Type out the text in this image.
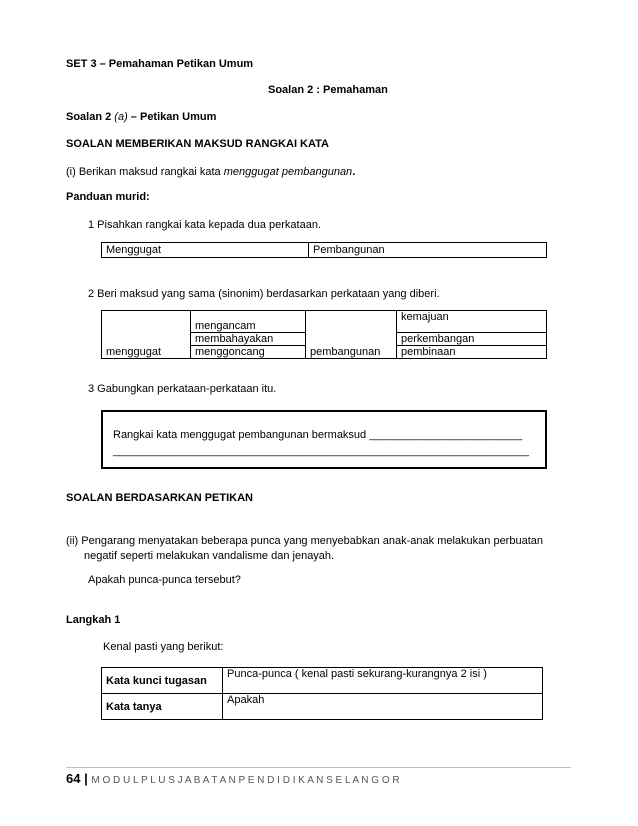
SET 3 – Pemahaman Petikan Umum
Soalan 2 : Pemahaman
Soalan 2 (a) – Petikan Umum
SOALAN MEMBERIKAN MAKSUD RANGKAI KATA
(i) Berikan maksud rangkai kata menggugat pembangunan.
Panduan murid:
1 Pisahkan rangkai kata kepada dua perkataan.
Menggugat	Pembangunan
2 Beri maksud yang sama (sinonim) berdasarkan perkataan yang diberi.
menggugat	mengancam	pembangunan	kemajuan
	membahayakan		perkembangan
	menggoncang		pembinaan
3 Gabungkan perkataan-perkataan itu.
Rangkai kata menggugat pembangunan bermaksud _________________________
____________________________________________________________________
SOALAN BERDASARKAN PETIKAN
(ii) Pengarang menyatakan beberapa punca yang menyebabkan anak-anak melakukan perbuatan
negatif seperti melakukan vandalisme dan jenayah.
Apakah punca-punca tersebut?
Langkah 1
Kenal pasti yang berikut:
Kata kunci tugasan	Punca-punca ( kenal pasti sekurang-kurangnya 2 isi )
Kata tanya	Apakah
64 | M O D U L P L U S J A B A T A N P E N D I D I K A N S E L A N G O R
